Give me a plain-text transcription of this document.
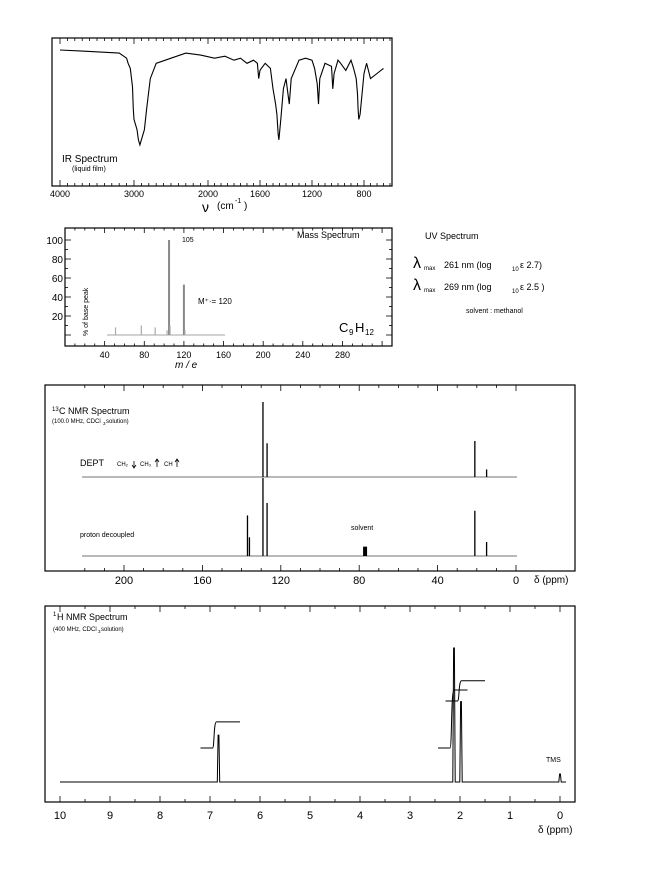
IR Spectrum
(liquid film)
4000	3000	2000	1600	1200	800
ν (cm -1 )
20
40
60
80
100
40	80	120	160	200	240	280
Mass Spectrum
105
M⁺·= 120
C 9 H 12
% of base peak
m / e
UV Spectrum
λ max 261 nm (log	10 ε 2.7)
λ max 269 nm (log	10 ε 2.5 )
solvent : methanol
13 C NMR Spectrum
(100.0 MHz, CDCl 3 solution)
DEPT CH₂ CH₃ CH
proton decoupled
solvent
200	160	120	80	40	0 δ (ppm)
1 H NMR Spectrum
(400 MHz, CDCl 3 solution)
TMS
10	9	8	7	6	5	4	3	2	1	0
δ (ppm)
